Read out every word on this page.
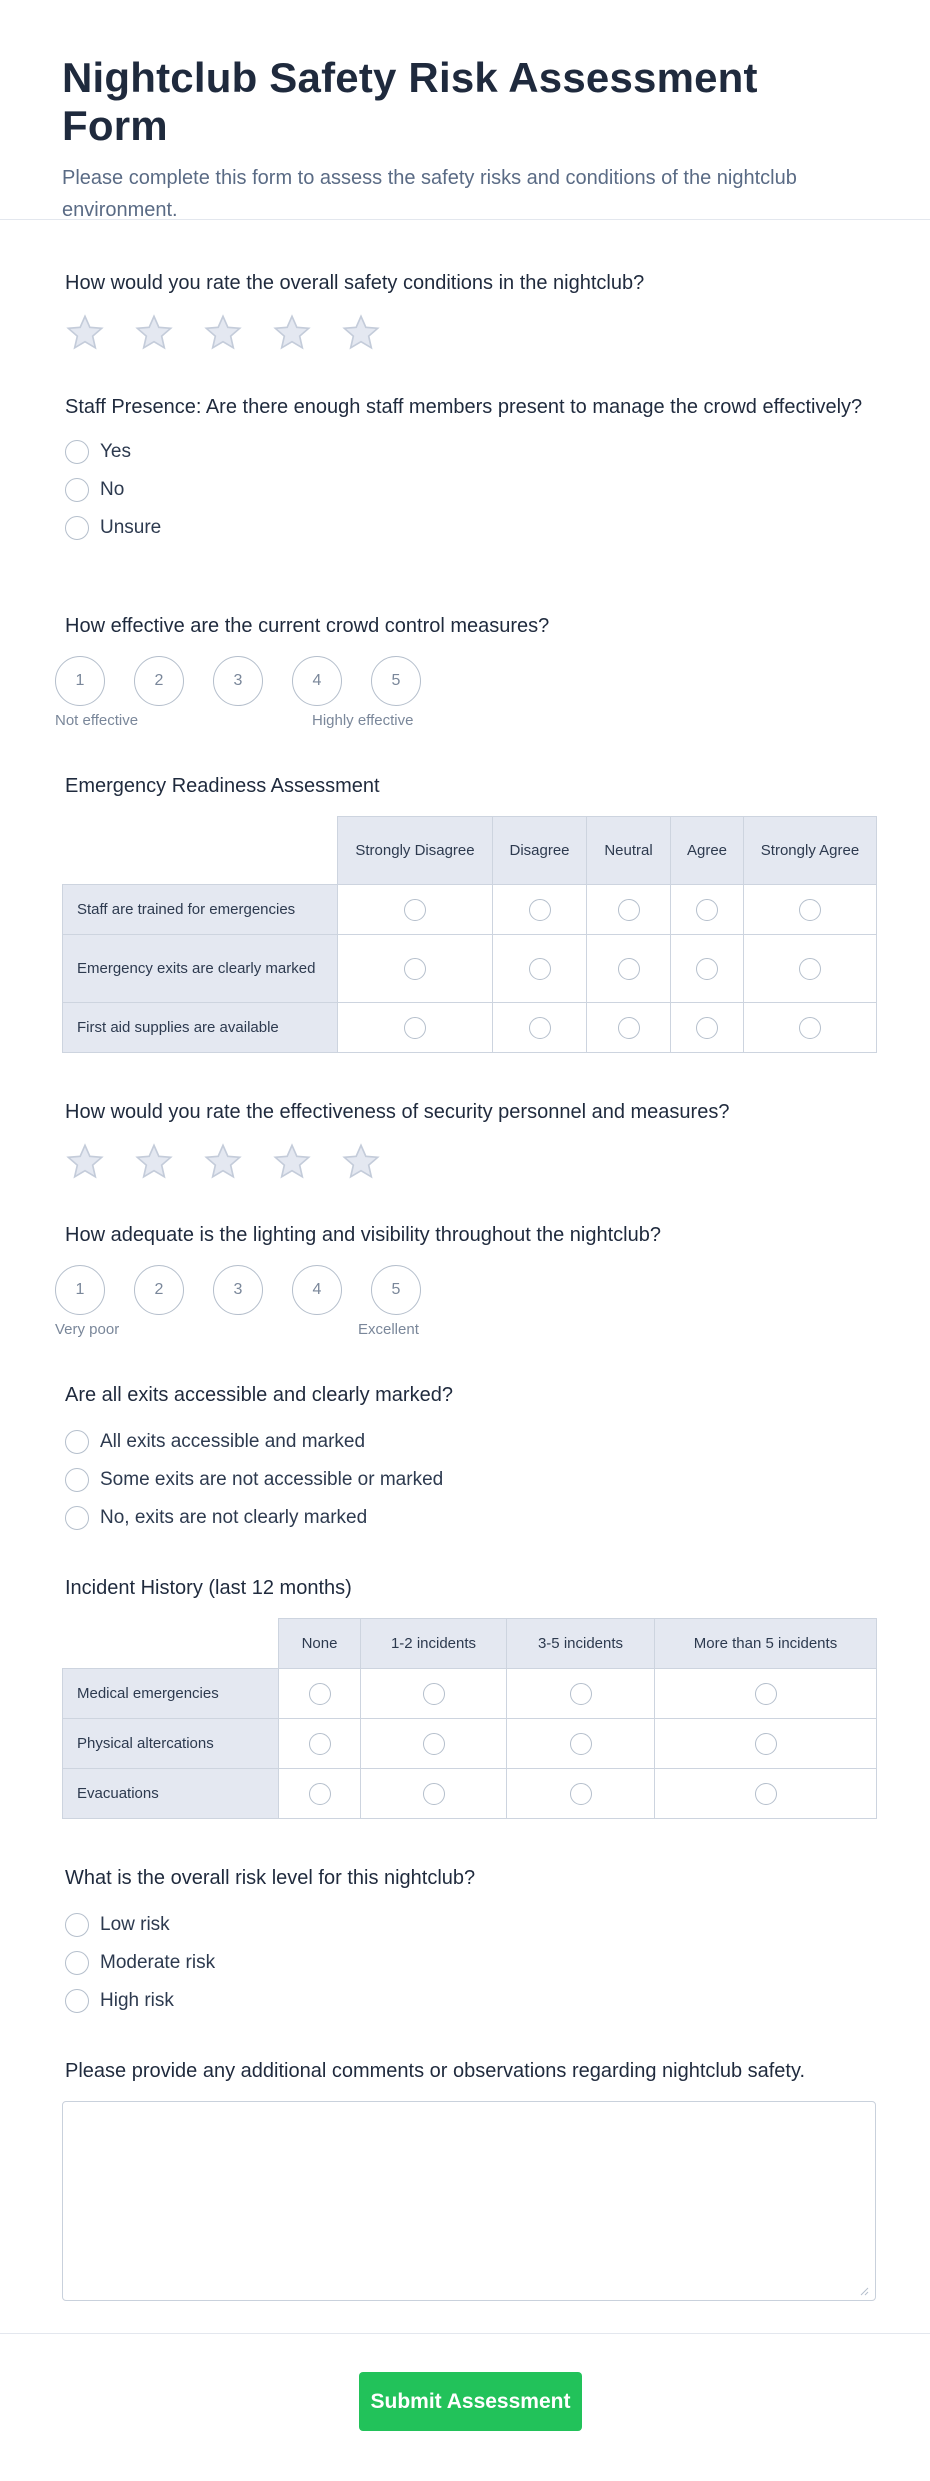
Nightclub Safety Risk Assessment Form
Please complete this form to assess the safety risks and conditions of the nightclub environment.

How would you rate the overall safety conditions in the nightclub?

Staff Presence: Are there enough staff members present to manage the crowd effectively?

Yes
No
Unsure

How effective are the current crowd control measures?

1	2	3	4	5
Not effective	Highly effective

Emergency Readiness Assessment

	Strongly Disagree	Disagree	Neutral	Agree	Strongly Agree
Staff are trained for emergencies					
Emergency exits are clearly marked					
First aid supplies are available					

How would you rate the effectiveness of security personnel and measures?

How adequate is the lighting and visibility throughout the nightclub?

1	2	3	4	5
Very poor	Excellent

Are all exits accessible and clearly marked?

All exits accessible and marked
Some exits are not accessible or marked
No, exits are not clearly marked

Incident History (last 12 months)

	None	1-2 incidents	3-5 incidents	More than 5 incidents
Medical emergencies				
Physical altercations				
Evacuations				

What is the overall risk level for this nightclub?

Low risk
Moderate risk
High risk

Please provide any additional comments or observations regarding nightclub safety.

Submit Assessment
